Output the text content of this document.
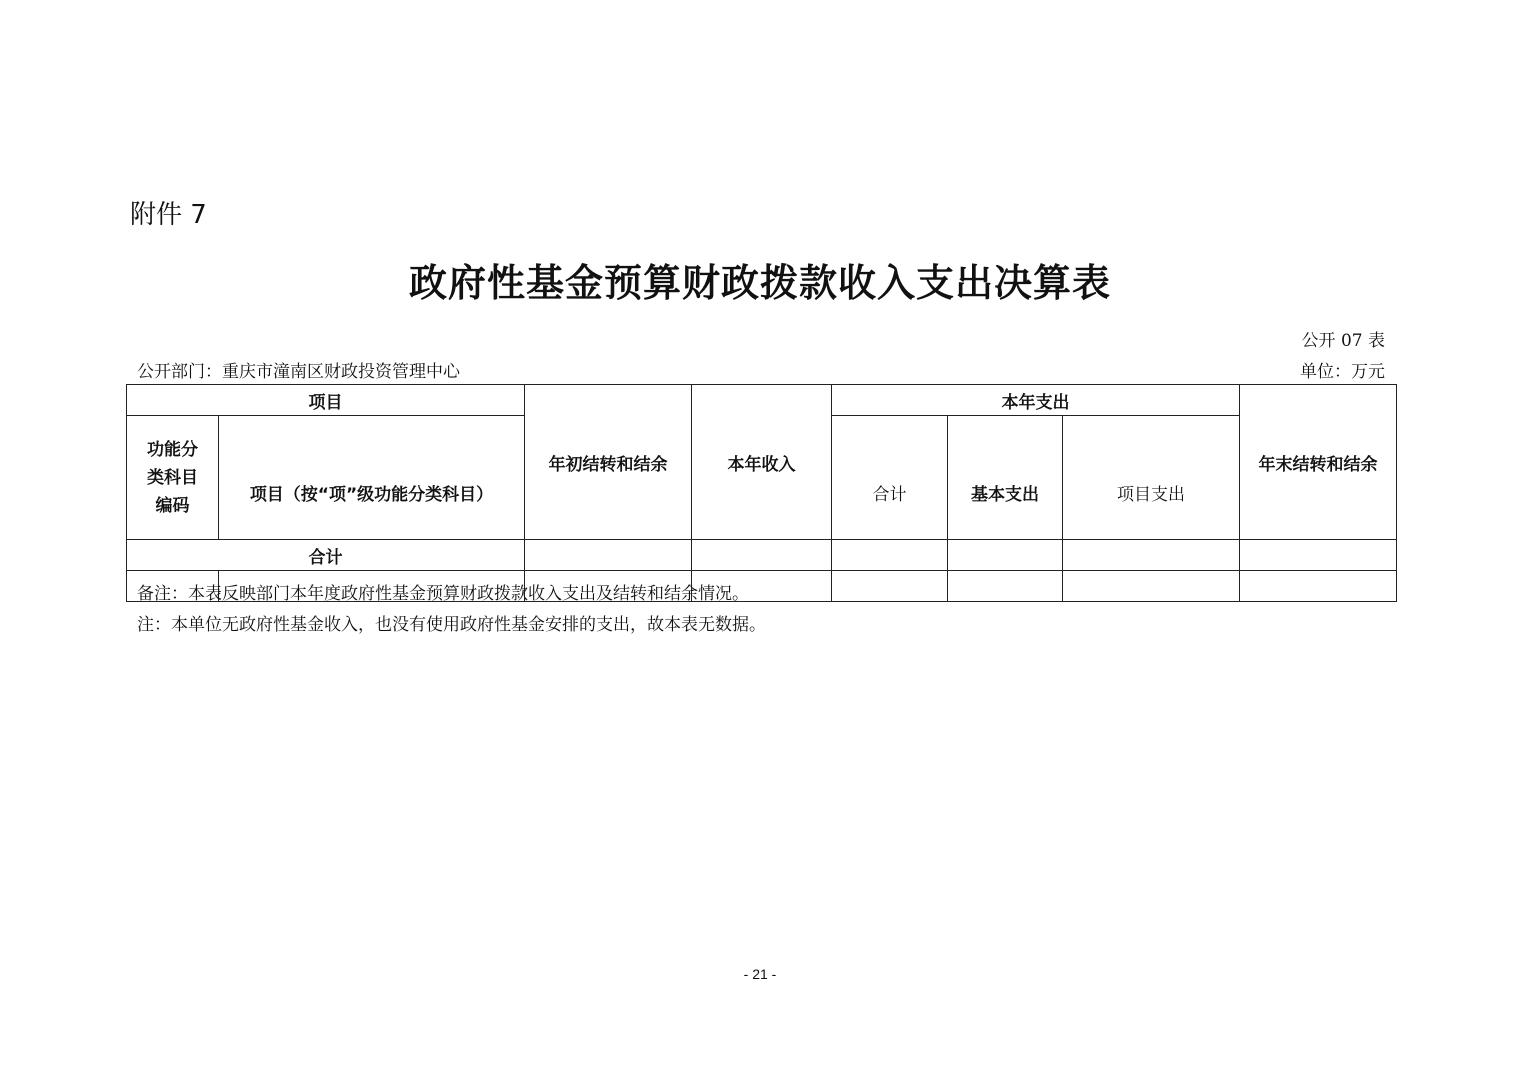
附件 7
政府性基金预算财政拨款收入支出决算表
公开 07 表
公开部门：重庆市潼南区财政投资管理中心	单位：万元
项目		年初结转和结余	本年收入	本年支出			年末结转和结余
功能分类科目编码	项目（按“项”级功能分类科目）			合计	基本支出	项目支出	
合计							

备注：本表反映部门本年度政府性基金预算财政拨款收入支出及结转和结余情况。
注：本单位无政府性基金收入，也没有使用政府性基金安排的支出，故本表无数据。
- 21 -
